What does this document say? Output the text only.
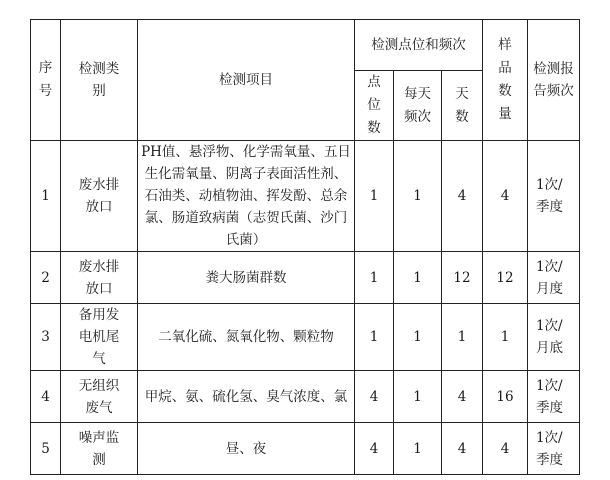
序号	检测类别	检测项目	检测点位和频次			样品数量	检测报告频次
			点位数	每天频次	天数		
1	废水排放口	PH值、悬浮物、化学需氧量、五日生化需氧量、阴离子表面活性剂、石油类、动植物油、挥发酚、总余氯、肠道致病菌（志贺氏菌、沙门氏菌）	1	1	4	4	1次/季度
2	废水排放口	粪大肠菌群数	1	1	12	12	1次/月度
3	备用发电机尾气	二氧化硫、氮氧化物、颗粒物	1	1	1	1	1次/月底
4	无组织废气	甲烷、氨、硫化氢、臭气浓度、氯	4	1	4	16	1次/季度
5	噪声监测	昼、夜	4	1	4	4	1次/季度
